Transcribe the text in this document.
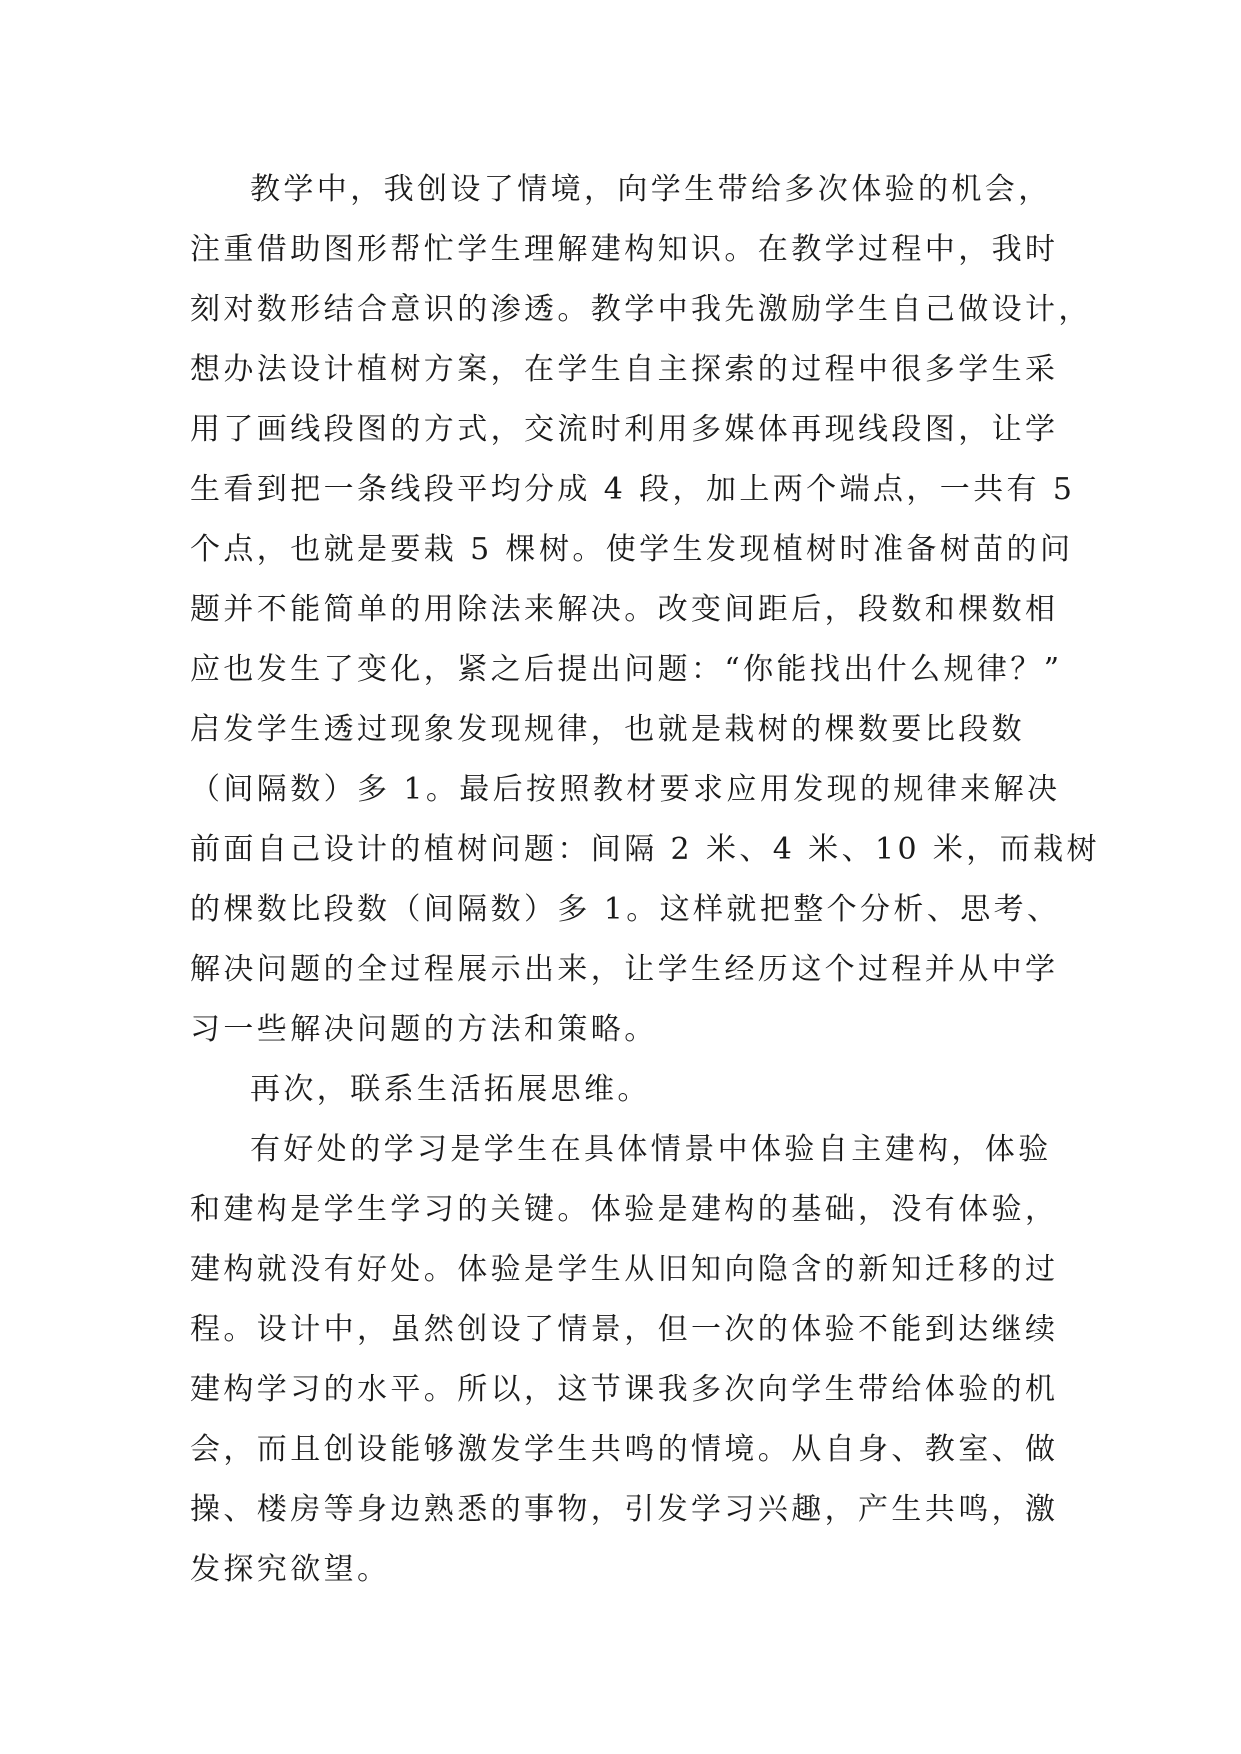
教学中，我创设了情境，向学生带给多次体验的机会，
注重借助图形帮忙学生理解建构知识。在教学过程中，我时
刻对数形结合意识的渗透。教学中我先激励学生自己做设计，
想办法设计植树方案，在学生自主探索的过程中很多学生采
用了画线段图的方式，交流时利用多媒体再现线段图，让学
生看到把一条线段平均分成 4 段，加上两个端点，一共有 5
个点，也就是要栽 5 棵树。使学生发现植树时准备树苗的问
题并不能简单的用除法来解决。改变间距后，段数和棵数相
应也发生了变化，紧之后提出问题：“你能找出什么规律？”
启发学生透过现象发现规律，也就是栽树的棵数要比段数
（间隔数）多 1。最后按照教材要求应用发现的规律来解决
前面自己设计的植树问题：间隔 2 米、4 米、10 米，而栽树
的棵数比段数（间隔数）多 1。这样就把整个分析、思考、
解决问题的全过程展示出来，让学生经历这个过程并从中学
习一些解决问题的方法和策略。
再次，联系生活拓展思维。
有好处的学习是学生在具体情景中体验自主建构，体验
和建构是学生学习的关键。体验是建构的基础，没有体验，
建构就没有好处。体验是学生从旧知向隐含的新知迁移的过
程。设计中，虽然创设了情景，但一次的体验不能到达继续
建构学习的水平。所以，这节课我多次向学生带给体验的机
会，而且创设能够激发学生共鸣的情境。从自身、教室、做
操、楼房等身边熟悉的事物，引发学习兴趣，产生共鸣，激
发探究欲望。
